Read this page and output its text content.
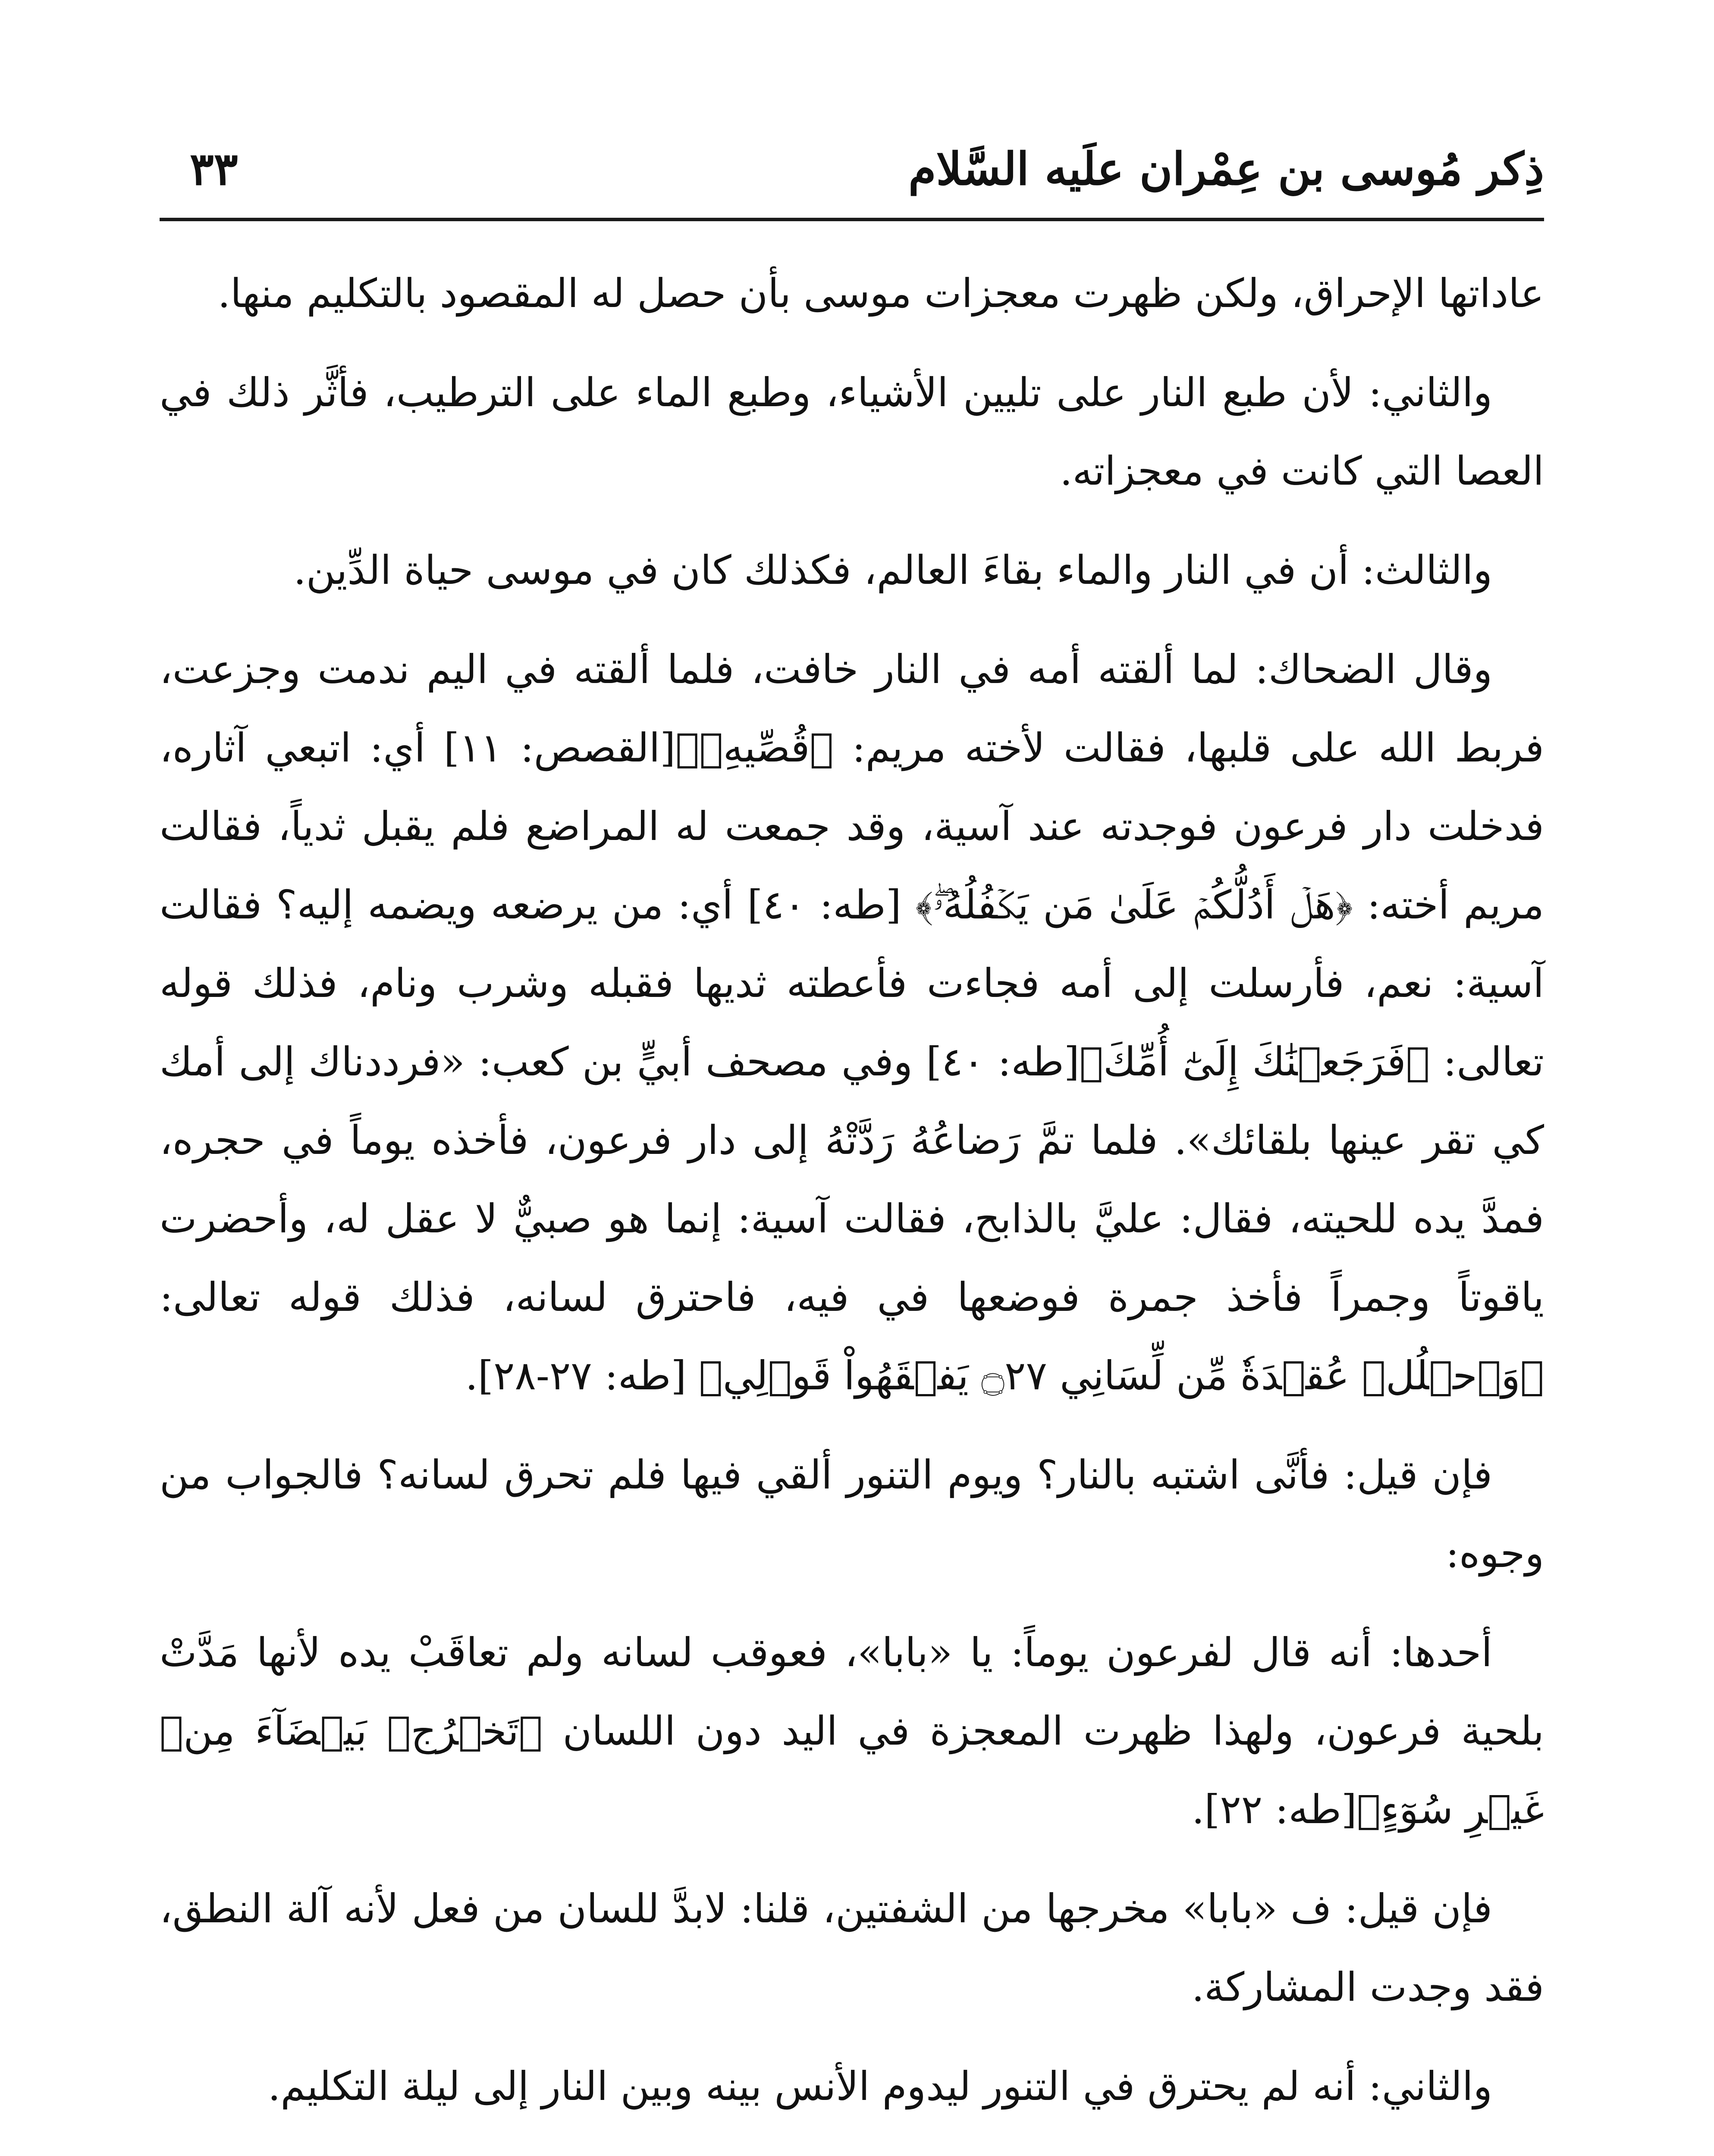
ذِكر مُوسى بن عِمْران علَيه السَّلام
٣٣

عاداتها الإحراق، ولكن ظهرت معجزات موسى بأن حصل له المقصود بالتكليم منها.

والثاني: لأن طبع النار على تليين الأشياء، وطبع الماء على الترطيب، فأثَّر ذلك في العصا التي كانت في معجزاته.

والثالث: أن في النار والماء بقاءَ العالم، فكذلك كان في موسى حياة الدِّين.

وقال الضحاك: لما ألقته أمه في النار خافت، فلما ألقته في اليم ندمت وجزعت، فربط الله على قلبها، فقالت لأخته مريم: ﴿قُصِّيهِۖ﴾[القصص: ١١] أي: اتبعي آثاره، فدخلت دار فرعون فوجدته عند آسية، وقد جمعت له المراضع فلم يقبل ثدياً، فقالت مريم أخته: ﴿هَلۡ أَدُلُّكُمۡ عَلَىٰ مَن يَكۡفُلُهُۥۖ﴾ [طه: ٤٠] أي: من يرضعه ويضمه إليه؟ فقالت آسية: نعم، فأرسلت إلى أمه فجاءت فأعطته ثديها فقبله وشرب ونام، فذلك قوله تعالى: ﴿فَرَجَعۡنَٰكَ إِلَىٰٓ أُمِّكَ﴾[طه: ٤٠] وفي مصحف أبيٍّ بن كعب: «فرددناك إلى أمك كي تقر عينها بلقائك». فلما تمَّ رَضاعُهُ رَدَّتْهُ إلى دار فرعون، فأخذه يوماً في حجره، فمدَّ يده للحيته، فقال: عليَّ بالذابح، فقالت آسية: إنما هو صبيٌّ لا عقل له، وأحضرت ياقوتاً وجمراً فأخذ جمرة فوضعها في فيه، فاحترق لسانه، فذلك قوله تعالى: ﴿وَٱحۡلُلۡ عُقۡدَةٗ مِّن لِّسَانِي ۝٢٧ يَفۡقَهُواْ قَوۡلِي﴾ [طه: ٢٧-٢٨].

فإن قيل: فأنَّى اشتبه بالنار؟ ويوم التنور ألقي فيها فلم تحرق لسانه؟ فالجواب من وجوه:

أحدها: أنه قال لفرعون يوماً: يا «بابا»، فعوقب لسانه ولم تعاقَبْ يده لأنها مَدَّتْ بلحية فرعون، ولهذا ظهرت المعجزة في اليد دون اللسان ﴿تَخۡرُجۡ بَيۡضَآءَ مِنۡ غَيۡرِ سُوٓءٍ﴾[طه: ٢٢].

فإن قيل: ف «بابا» مخرجها من الشفتين، قلنا: لابدَّ للسان من فعل لأنه آلة النطق، فقد وجدت المشاركة.

والثاني: أنه لم يحترق في التنور ليدوم الأنس بينه وبين النار إلى ليلة التكليم.
